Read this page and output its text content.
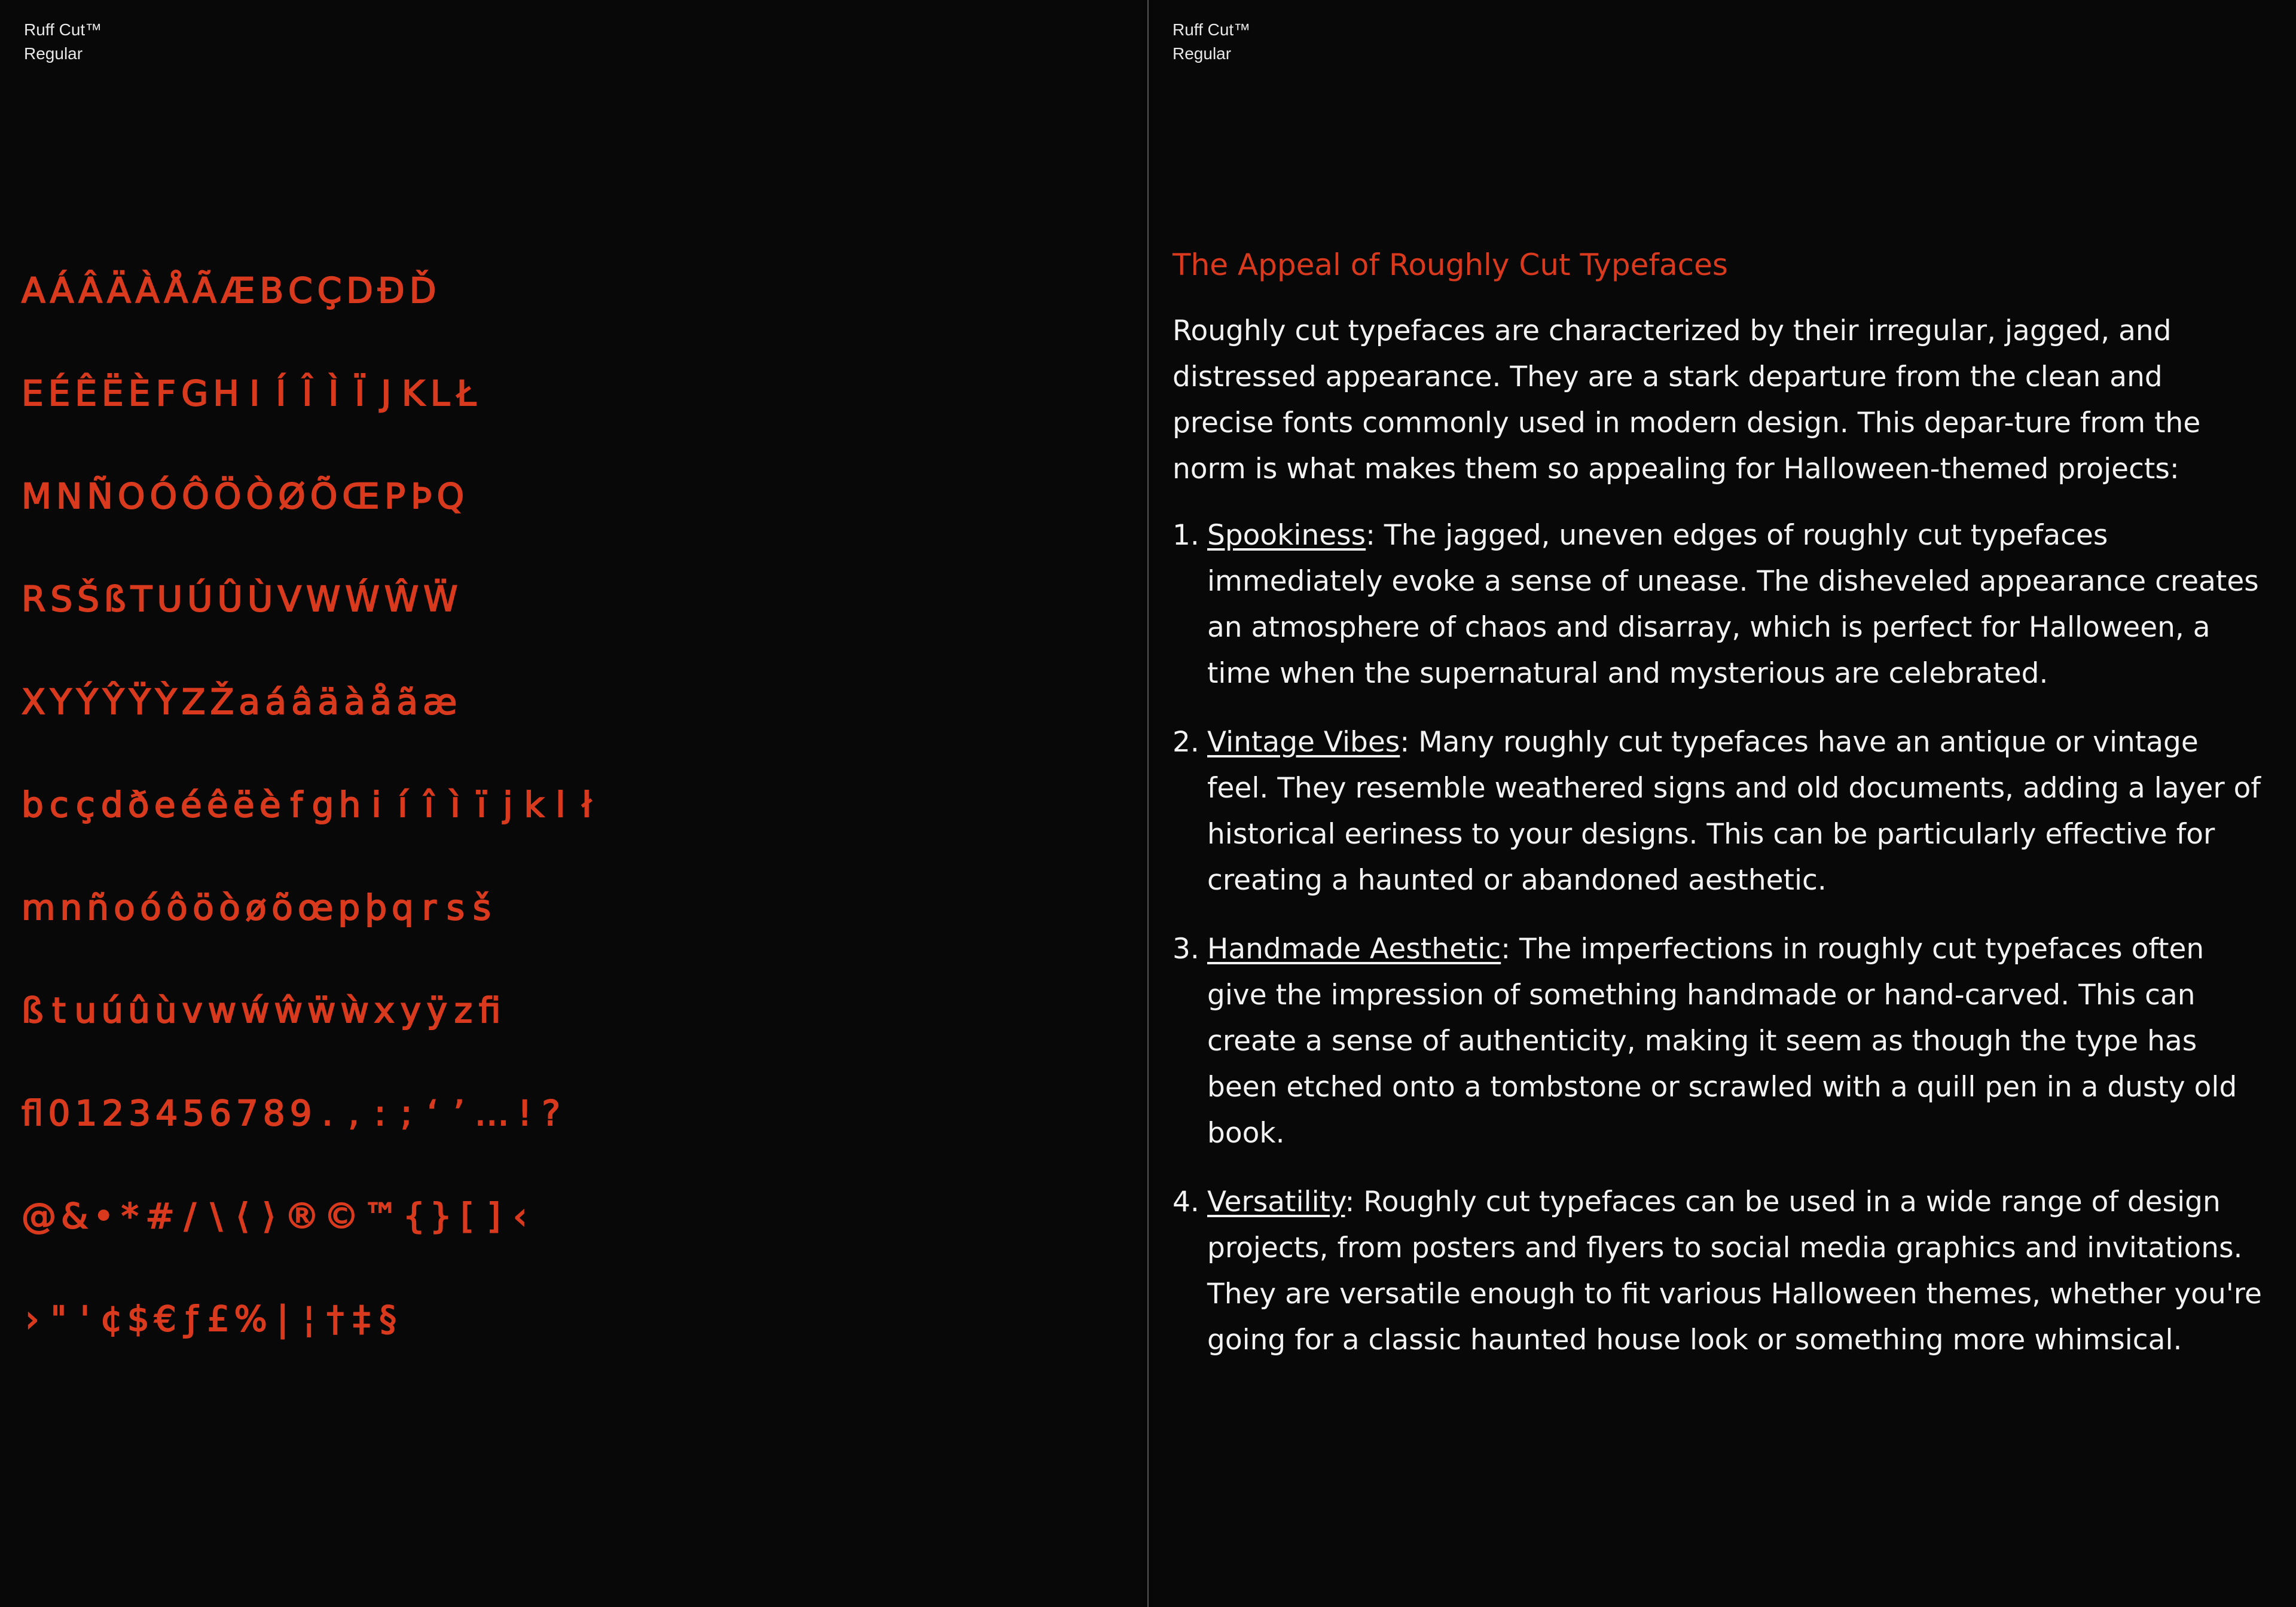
Ruff Cut™
Regular
A Á Â Ä À Å Ã Æ B C Ç D Đ Ď
E É Ê Ë È F G H I Í Î Ì Ï J K L Ł
M N Ñ O Ó Ô Ö Ò Ø Õ Œ P Þ Q
R S Š ß T U Ú Û Ù V W Ẃ Ŵ Ẅ
X Y Ý Ŷ Ÿ Ỳ Z Ž a á â ä à å ã æ
b c ç d ð e é ê ë è f g h i í î ì ï j k l ł
m n ñ o ó ô ö ò ø õ œ p þ q r s š
ß t u ú û ù v w ẃ ŵ ẅ ẁ x y ÿ z ﬁ
ﬂ 0 1 2 3 4 5 6 7 8 9 . , : ; ‘ ’ … ! ?
@ & • * # / \ ⟨ ⟩ ® © ™ { } [ ] ‹
› " ' ¢ $ € ƒ £ % | ¦ † ‡ §
Ruff Cut™
Regular
The Appeal of Roughly Cut Typefaces

Roughly cut typefaces are characterized by their irregular, jagged, and distressed appearance. They are a stark departure from the clean and precise fonts commonly used in modern design. This depar-ture from the norm is what makes them so appealing for Halloween-themed projects:

1. Spookiness: The jagged, uneven edges of roughly cut typefaces immediately evoke a sense of unease. The disheveled appearance creates an atmosphere of chaos and disarray, which is perfect for Halloween, a time when the supernatural and mysterious are celebrated.
2. Vintage Vibes: Many roughly cut typefaces have an antique or vintage feel. They resemble weathered signs and old documents, adding a layer of historical eeriness to your designs. This can be particularly effective for creating a haunted or abandoned aesthetic.
3. Handmade Aesthetic: The imperfections in roughly cut typefaces often give the impression of something handmade or hand-carved. This can create a sense of authenticity, making it seem as though the type has been etched onto a tombstone or scrawled with a quill pen in a dusty old book.
4. Versatility: Roughly cut typefaces can be used in a wide range of design projects, from posters and flyers to social media graphics and invitations. They are versatile enough to fit various Halloween themes, whether you're going for a classic haunted house look or something more whimsical.
